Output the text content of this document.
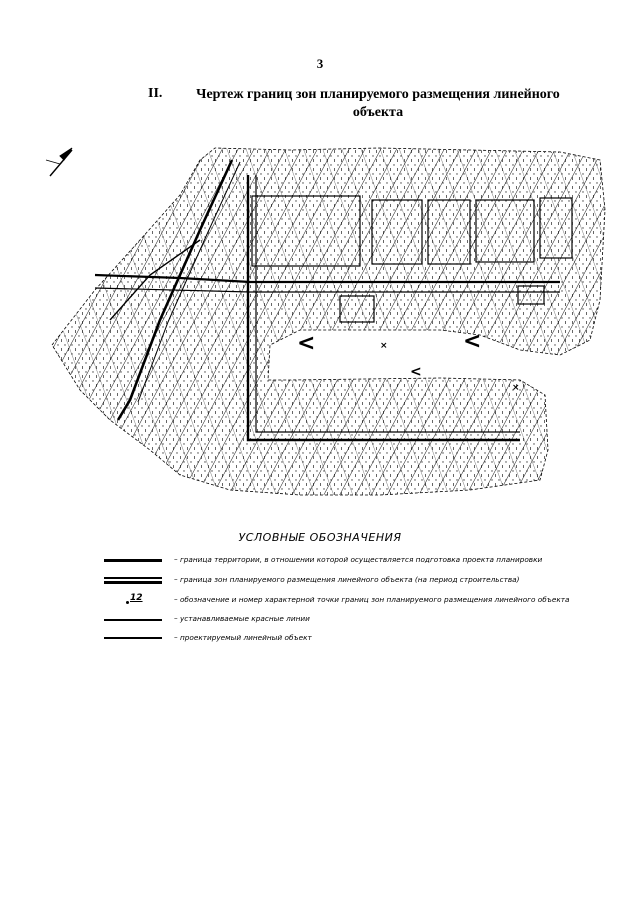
3
II.	Чертеж границ зон планируемого размещения линейного объекта
<	<
<
×
×
УСЛОВНЫЕ ОБОЗНАЧЕНИЯ
– граница территории, в отношении которой осуществляется подготовка проекта планировки
– граница зон планируемого размещения линейного объекта (на период строительства)
12	– обозначение и номер характерной точки границ зон планируемого размещения линейного объекта
– устанавливаемые красные линии
– проектируемый линейный объект
